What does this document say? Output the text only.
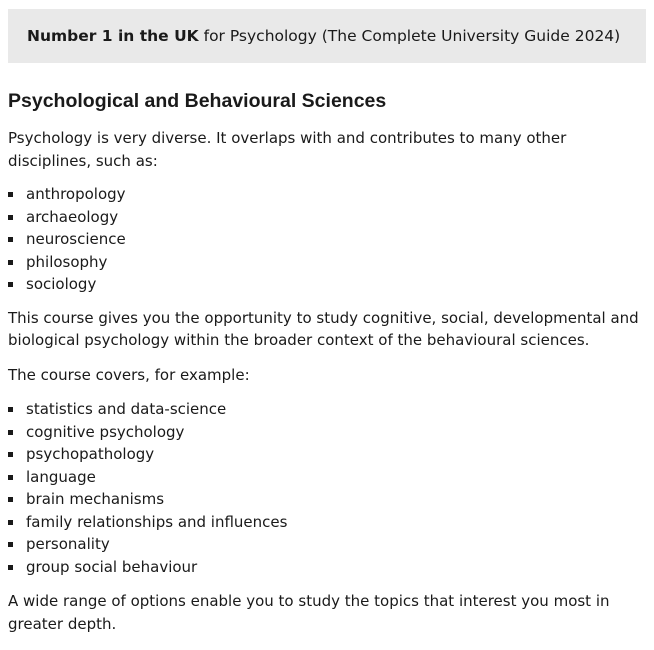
Number 1 in the UK for Psychology (The Complete University Guide 2024)
Psychological and Behavioural Sciences

Psychology is very diverse. It overlaps with and contributes to many other disciplines, such as:

anthropology
archaeology
neuroscience
philosophy
sociology

This course gives you the opportunity to study cognitive, social, developmental and biological psychology within the broader context of the behavioural sciences.

The course covers, for example:

statistics and data-science
cognitive psychology
psychopathology
language
brain mechanisms
family relationships and influences
personality
group social behaviour

A wide range of options enable you to study the topics that interest you most in greater depth.
